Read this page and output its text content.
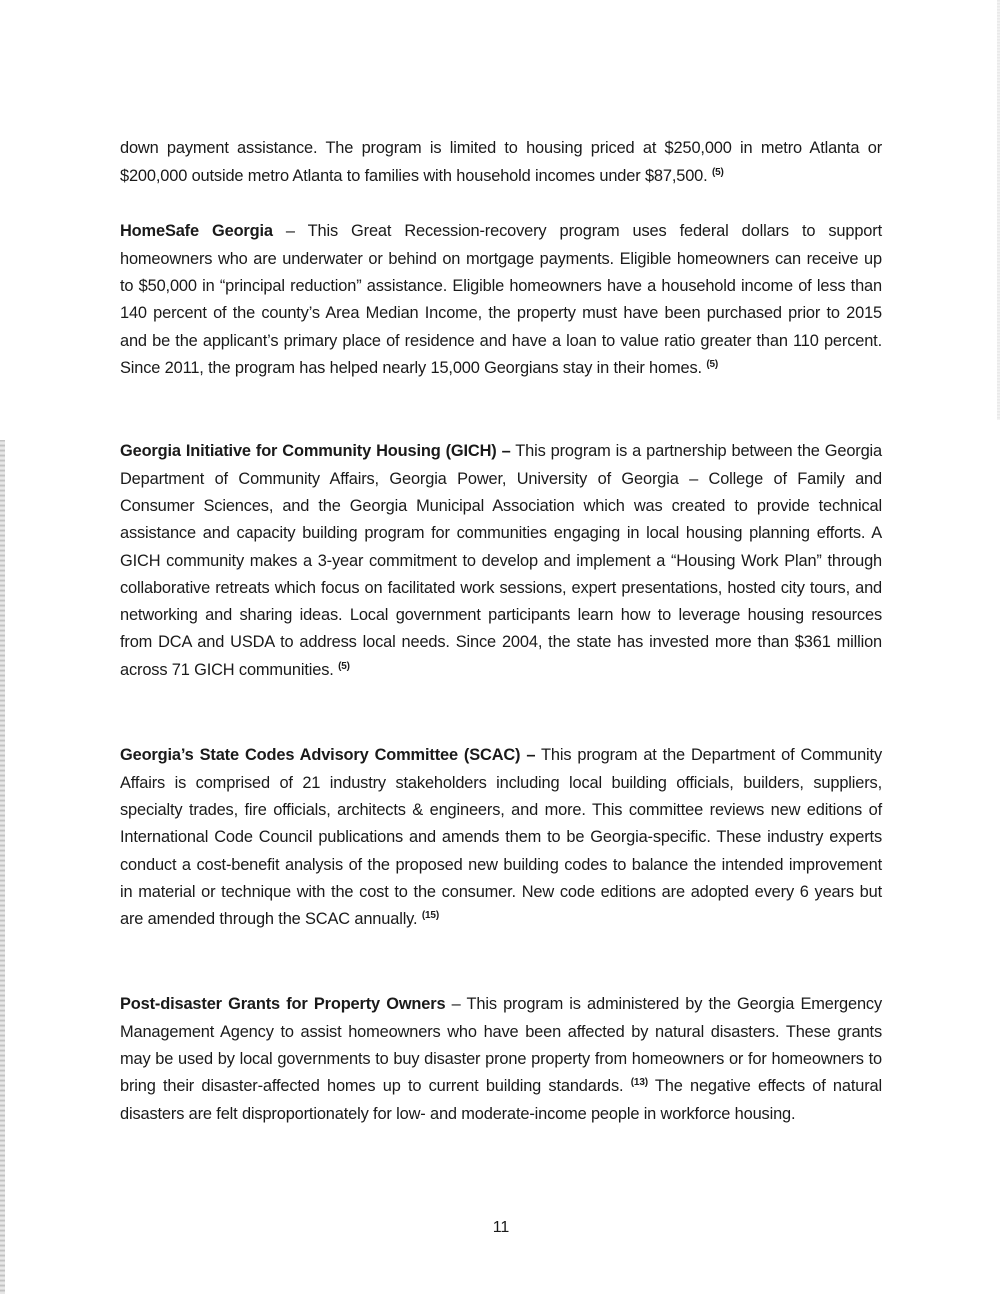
down payment assistance. The program is limited to housing priced at $250,000 in metro Atlanta or $200,000 outside metro Atlanta to families with household incomes under $87,500. $^{(5)}$

HomeSafe Georgia – This Great Recession-recovery program uses federal dollars to support homeowners who are underwater or behind on mortgage payments. Eligible homeowners can receive up to $50,000 in “principal reduction” assistance. Eligible homeowners have a household income of less than 140 percent of the county’s Area Median Income, the property must have been purchased prior to 2015 and be the applicant’s primary place of residence and have a loan to value ratio greater than 110 percent. Since 2011, the program has helped nearly 15,000 Georgians stay in their homes. $^{(5)}$

Georgia Initiative for Community Housing (GICH) – This program is a partnership between the Georgia Department of Community Affairs, Georgia Power, University of Georgia – College of Family and Consumer Sciences, and the Georgia Municipal Association which was created to provide technical assistance and capacity building program for communities engaging in local housing planning efforts. A GICH community makes a 3-year commitment to develop and implement a “Housing Work Plan” through collaborative retreats which focus on facilitated work sessions, expert presentations, hosted city tours, and networking and sharing ideas. Local government participants learn how to leverage housing resources from DCA and USDA to address local needs. Since 2004, the state has invested more than $361 million across 71 GICH communities. $^{(5)}$

Georgia’s State Codes Advisory Committee (SCAC) – This program at the Department of Community Affairs is comprised of 21 industry stakeholders including local building officials, builders, suppliers, specialty trades, fire officials, architects & engineers, and more. This committee reviews new editions of International Code Council publications and amends them to be Georgia-specific. These industry experts conduct a cost-benefit analysis of the proposed new building codes to balance the intended improvement in material or technique with the cost to the consumer. New code editions are adopted every 6 years but are amended through the SCAC annually. $^{(15)}$

Post-disaster Grants for Property Owners – This program is administered by the Georgia Emergency Management Agency to assist homeowners who have been affected by natural disasters. These grants may be used by local governments to buy disaster prone property from homeowners or for homeowners to bring their disaster-affected homes up to current building standards. $^{(13)}$ The negative effects of natural disasters are felt disproportionately for low- and moderate-income people in workforce housing.

11
